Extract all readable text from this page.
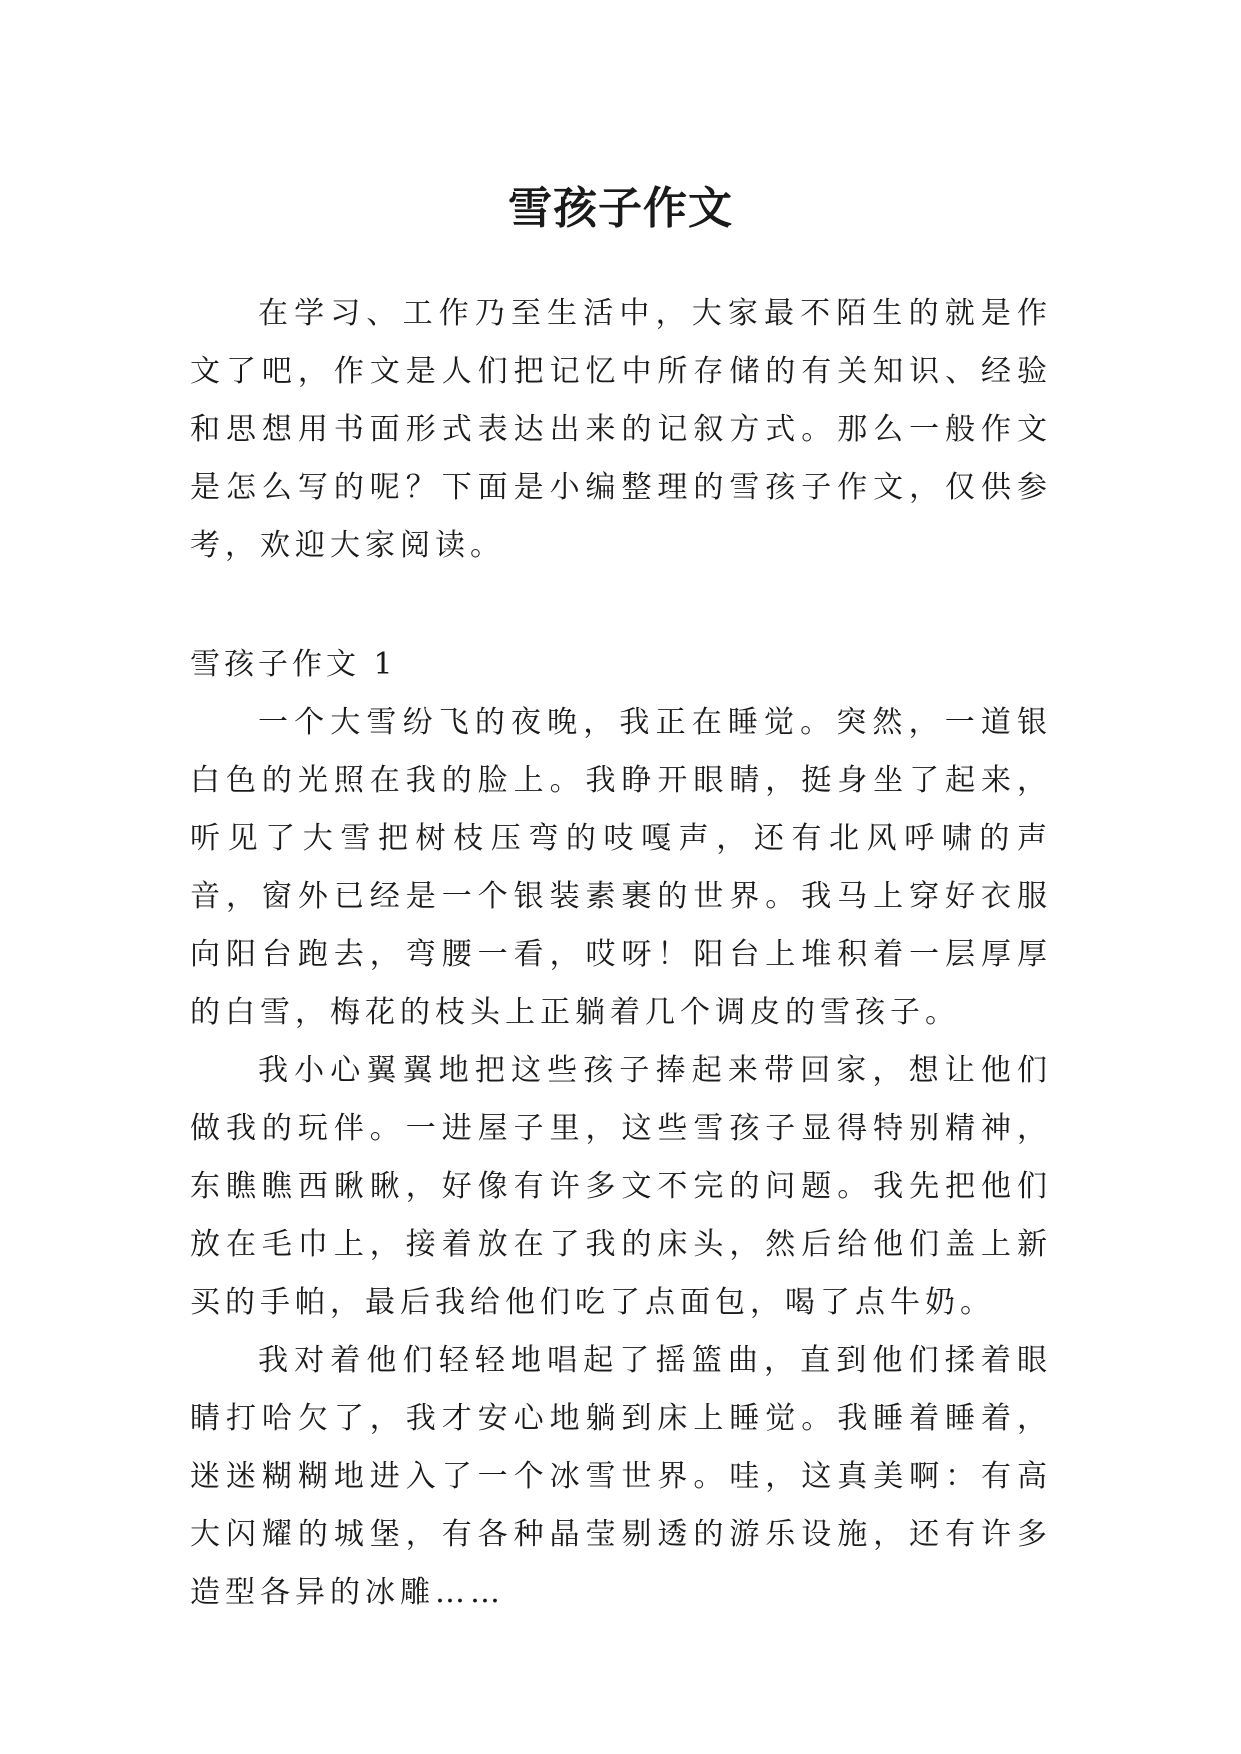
雪孩子作文

在学习、工作乃至生活中，大家最不陌生的就是作文了吧，作文是人们把记忆中所存储的有关知识、经验和思想用书面形式表达出来的记叙方式。那么一般作文是怎么写的呢？下面是小编整理的雪孩子作文，仅供参考，欢迎大家阅读。

雪孩子作文 1

一个大雪纷飞的夜晚，我正在睡觉。突然，一道银白色的光照在我的脸上。我睁开眼睛，挺身坐了起来，听见了大雪把树枝压弯的吱嘎声，还有北风呼啸的声音，窗外已经是一个银装素裹的世界。我马上穿好衣服向阳台跑去，弯腰一看，哎呀！阳台上堆积着一层厚厚的白雪，梅花的枝头上正躺着几个调皮的雪孩子。

我小心翼翼地把这些孩子捧起来带回家，想让他们做我的玩伴。一进屋子里，这些雪孩子显得特别精神，东瞧瞧西瞅瞅，好像有许多文不完的问题。我先把他们放在毛巾上，接着放在了我的床头，然后给他们盖上新买的手帕，最后我给他们吃了点面包，喝了点牛奶。

我对着他们轻轻地唱起了摇篮曲，直到他们揉着眼睛打哈欠了，我才安心地躺到床上睡觉。我睡着睡着，迷迷糊糊地进入了一个冰雪世界。哇，这真美啊：有高大闪耀的城堡，有各种晶莹剔透的游乐设施，还有许多造型各异的冰雕……
